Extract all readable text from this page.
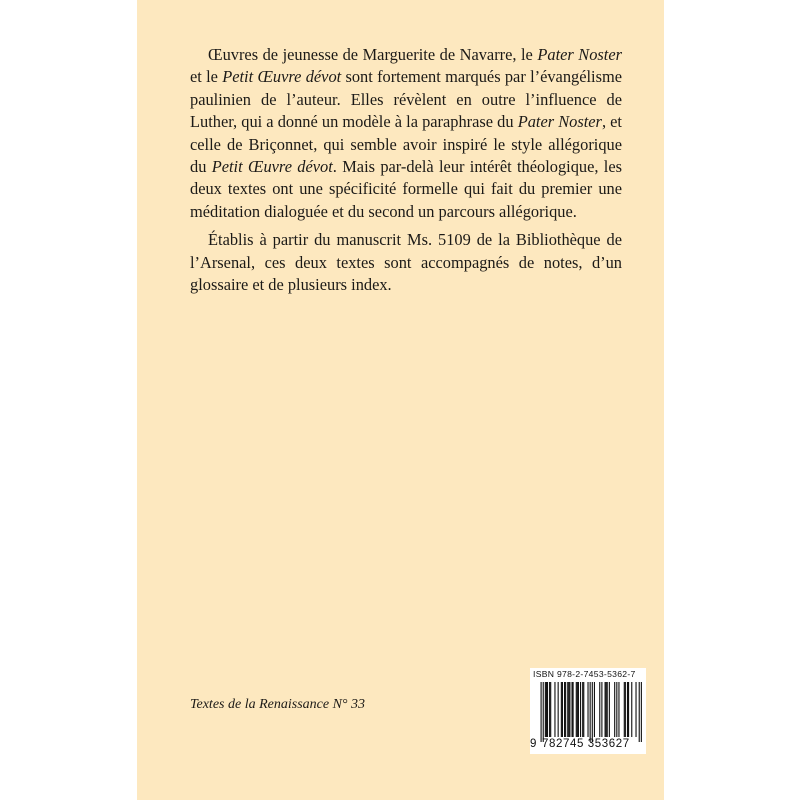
Œuvres de jeunesse de Marguerite de Navarre, le Pater Noster et le Petit Œuvre dévot sont fortement marqués par l’évangélisme paulinien de l’auteur. Elles révèlent en outre l’influence de Luther, qui a donné un modèle à la paraphrase du Pater Noster, et celle de Briçonnet, qui semble avoir inspiré le style allégorique du Petit Œuvre dévot. Mais par-delà leur intérêt théologique, les deux textes ont une spécificité formelle qui fait du premier une méditation dialoguée et du second un parcours allégorique.

Établis à partir du manuscrit Ms. 5109 de la Bibliothèque de l’Arsenal, ces deux textes sont accompagnés de notes, d’un glossaire et de plusieurs index.

Textes de la Renaissance N° 33
ISBN 978-2-7453-5362-7
9 782745 353627
